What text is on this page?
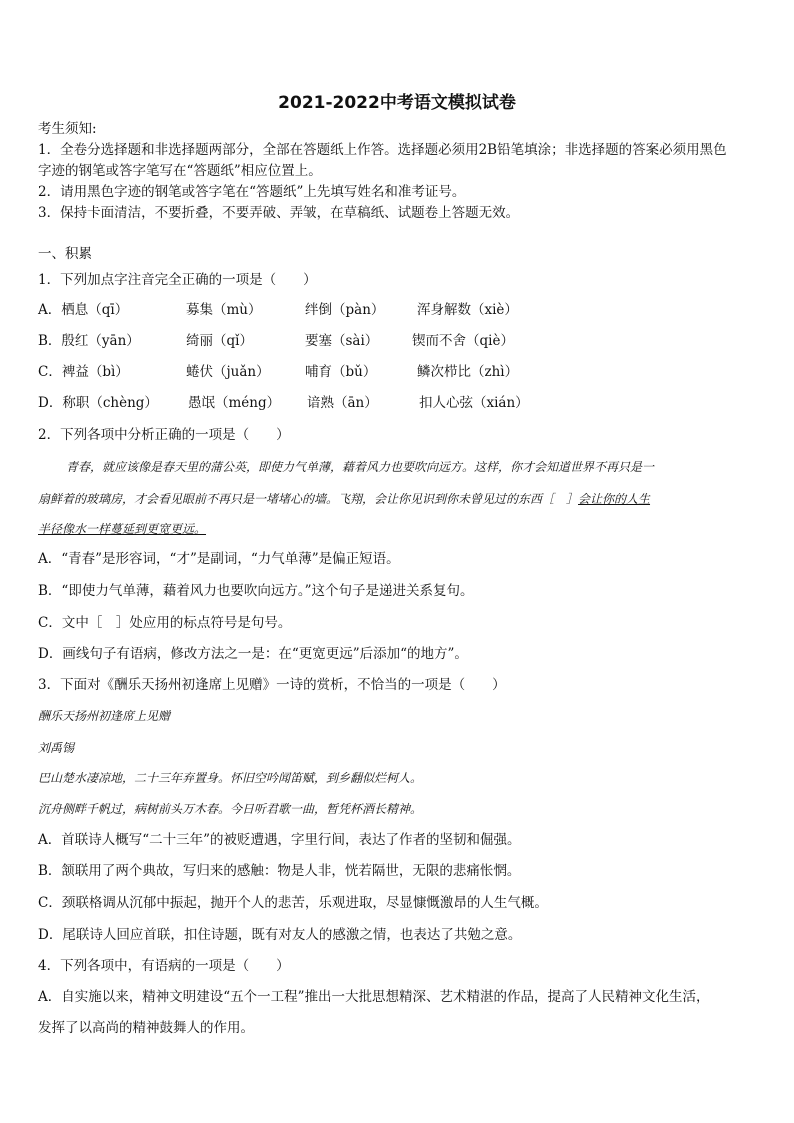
2021-2022中考语文模拟试卷
考生须知:
1．全卷分选择题和非选择题两部分，全部在答题纸上作答。选择题必须用2B铅笔填涂；非选择题的答案必须用黑色
字迹的钢笔或答字笔写在“答题纸”相应位置上。
2．请用黑色字迹的钢笔或答字笔在“答题纸”上先填写姓名和准考证号。
3．保持卡面清洁，不要折叠，不要弄破、弄皱，在草稿纸、试题卷上答题无效。
一、积累
1．下列加点字注音完全正确的一项是（　　）
A．栖息（qī）	募集（mù）	绊倒（pàn） 浑身解数（xiè）
B．殷红（yān）	绮丽（qǐ）	要塞（sài） 锲而不舍（qiè）
C．裨益（bì）	蜷伏（juǎn）	哺育（bǔ）	鳞次栉比（zhì）
D．称职（chèng） 愚氓（méng） 谙熟（ān）	扣人心弦（xián）
2．下列各项中分析正确的一项是（　　）
青春，就应该像是春天里的蒲公英，即使力气单薄，藉着风力也要吹向远方。这样，你才会知道世界不再只是一
扇鲜着的玻璃房，才会看见眼前不再只是一堵堵心的墙。飞翔，会让你见识到你未曾见过的东西［　］会让你的人生
半径像水一样蔓延到更宽更远。
A．“青春”是形容词，“才”是副词，“力气单薄”是偏正短语。
B．“即使力气单薄，藉着风力也要吹向远方。”这个句子是递进关系复句。
C．文中［　］处应用的标点符号是句号。
D．画线句子有语病，修改方法之一是：在“更宽更远”后添加“的地方”。
3．下面对《酬乐天扬州初逢席上见赠》一诗的赏析，不恰当的一项是（　　）
酬乐天扬州初逢席上见赠
刘禹锡
巴山楚水凄凉地，二十三年弃置身。怀旧空吟闻笛赋，到乡翻似烂柯人。
沉舟侧畔千帆过，病树前头万木春。今日听君歌一曲，暂凭杯酒长精神。
A．首联诗人概写“二十三年”的被贬遭遇，字里行间，表达了作者的坚韧和倔强。
B．颔联用了两个典故，写归来的感触：物是人非，恍若隔世，无限的悲痛怅惘。
C．颈联格调从沉郁中振起，抛开个人的悲苦，乐观进取，尽显慷慨激昂的人生气概。
D．尾联诗人回应首联，扣住诗题，既有对友人的感激之情，也表达了共勉之意。
4．下列各项中，有语病的一项是（　　）
A．自实施以来，精神文明建设“五个一工程”推出一大批思想精深、艺术精湛的作品，提高了人民精神文化生活，
发挥了以高尚的精神鼓舞人的作用。
